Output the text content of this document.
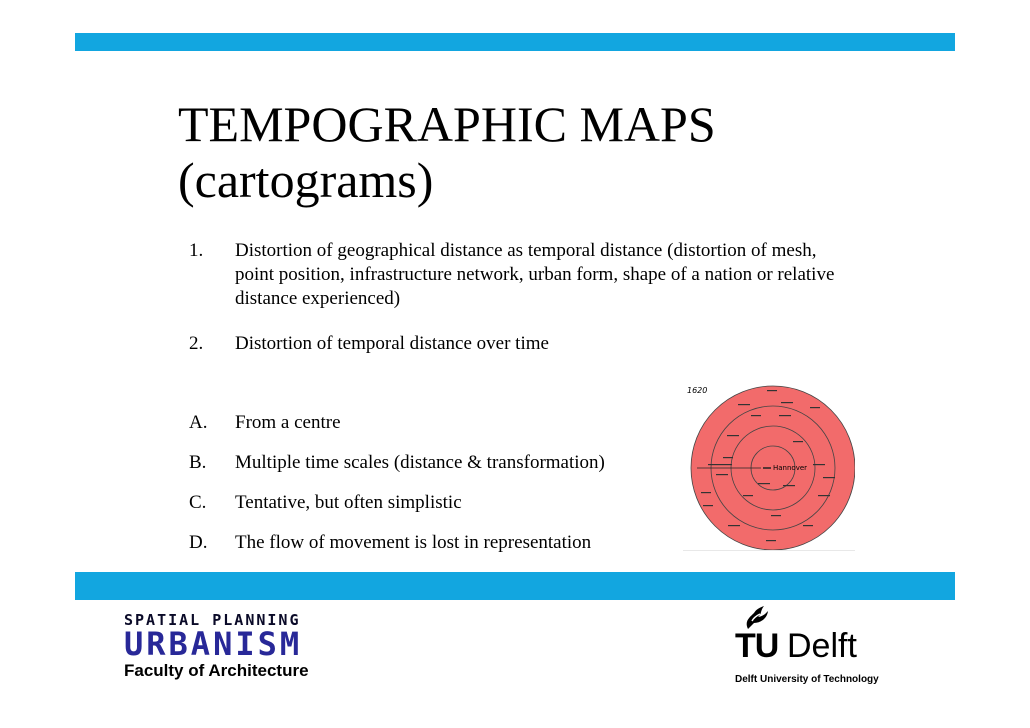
TEMPOGRAPHIC MAPS
(cartograms)
1.	Distortion of geographical distance as temporal distance (distortion of mesh, point position, infrastructure network, urban form, shape of a nation or relative distance experienced)
2.	Distortion of temporal distance over time
A.	From a centre
B.	Multiple time scales (distance & transformation)
C.	Tentative, but often simplistic
D.	The flow of movement is lost in representation
1620
Hannover
SPATIAL PLANNING
URBANISM
Faculty of Architecture
TU Delft
Delft University of Technology
